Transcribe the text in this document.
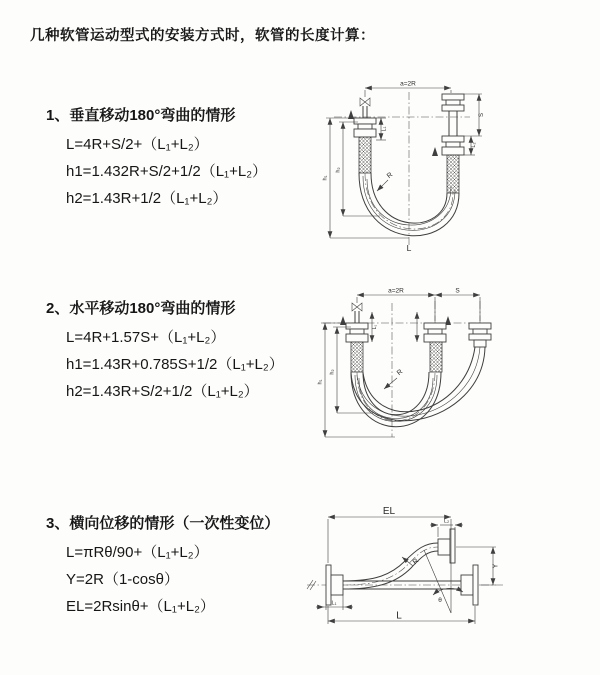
几种软管运动型式的安装方式时，软管的长度计算：
1、垂直移动180°弯曲的情形
L=4R+S/2+（L₁+L₂）
h1=1.432R+S/2+1/2（L₁+L₂）
h2=1.43R+1/2（L₁+L₂）
2、水平移动180°弯曲的情形
L=4R+1.57S+（L₁+L₂）
h1=1.43R+0.785S+1/2（L₁+L₂）
h2=1.43R+S/2+1/2（L₁+L₂）
3、横向位移的情形（一次性变位）
L=πRθ/90+（L₁+L₂）
Y=2R（1-cosθ）
EL=2Rsinθ+（L₁+L₂）
a=2R
L₁
S
L₂
h₁
h₂
R
L
a=2R	S
L₁
h₁
h₂	R
EL
L₂
Y
R
θ
L
L₁
